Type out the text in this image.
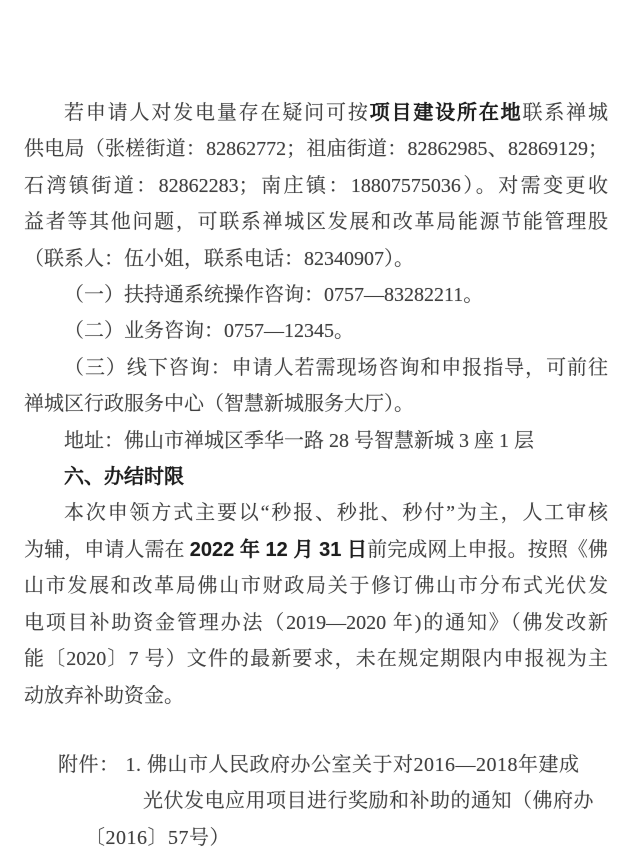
若申请人对发电量存在疑问可按项目建设所在地联系禅城
供电局（张槎街道：82862772；祖庙街道：82862985、82869129；
石湾镇街道：82862283；南庄镇：18807575036）。对需变更收
益者等其他问题，可联系禅城区发展和改革局能源节能管理股
（联系人：伍小姐，联系电话：82340907）。
（一）扶持通系统操作咨询：0757—83282211。
（二）业务咨询：0757—12345。
（三）线下咨询：申请人若需现场咨询和申报指导，可前往
禅城区行政服务中心（智慧新城服务大厅）。
地址：佛山市禅城区季华一路 28 号智慧新城 3 座 1 层
六、办结时限
本次申领方式主要以“秒报、秒批、秒付”为主，人工审核
为辅，申请人需在 2022 年 12 月 31 日前完成网上申报。按照《佛
山市发展和改革局佛山市财政局关于修订佛山市分布式光伏发
电项目补助资金管理办法（2019—2020 年)的通知》（佛发改新
能〔2020〕7 号）文件的最新要求，未在规定期限内申报视为主
动放弃补助资金。
附件： 1. 佛山市人民政府办公室关于对2016—2018年建成
光伏发电应用项目进行奖励和补助的通知（佛府办
〔2016〕57号）
